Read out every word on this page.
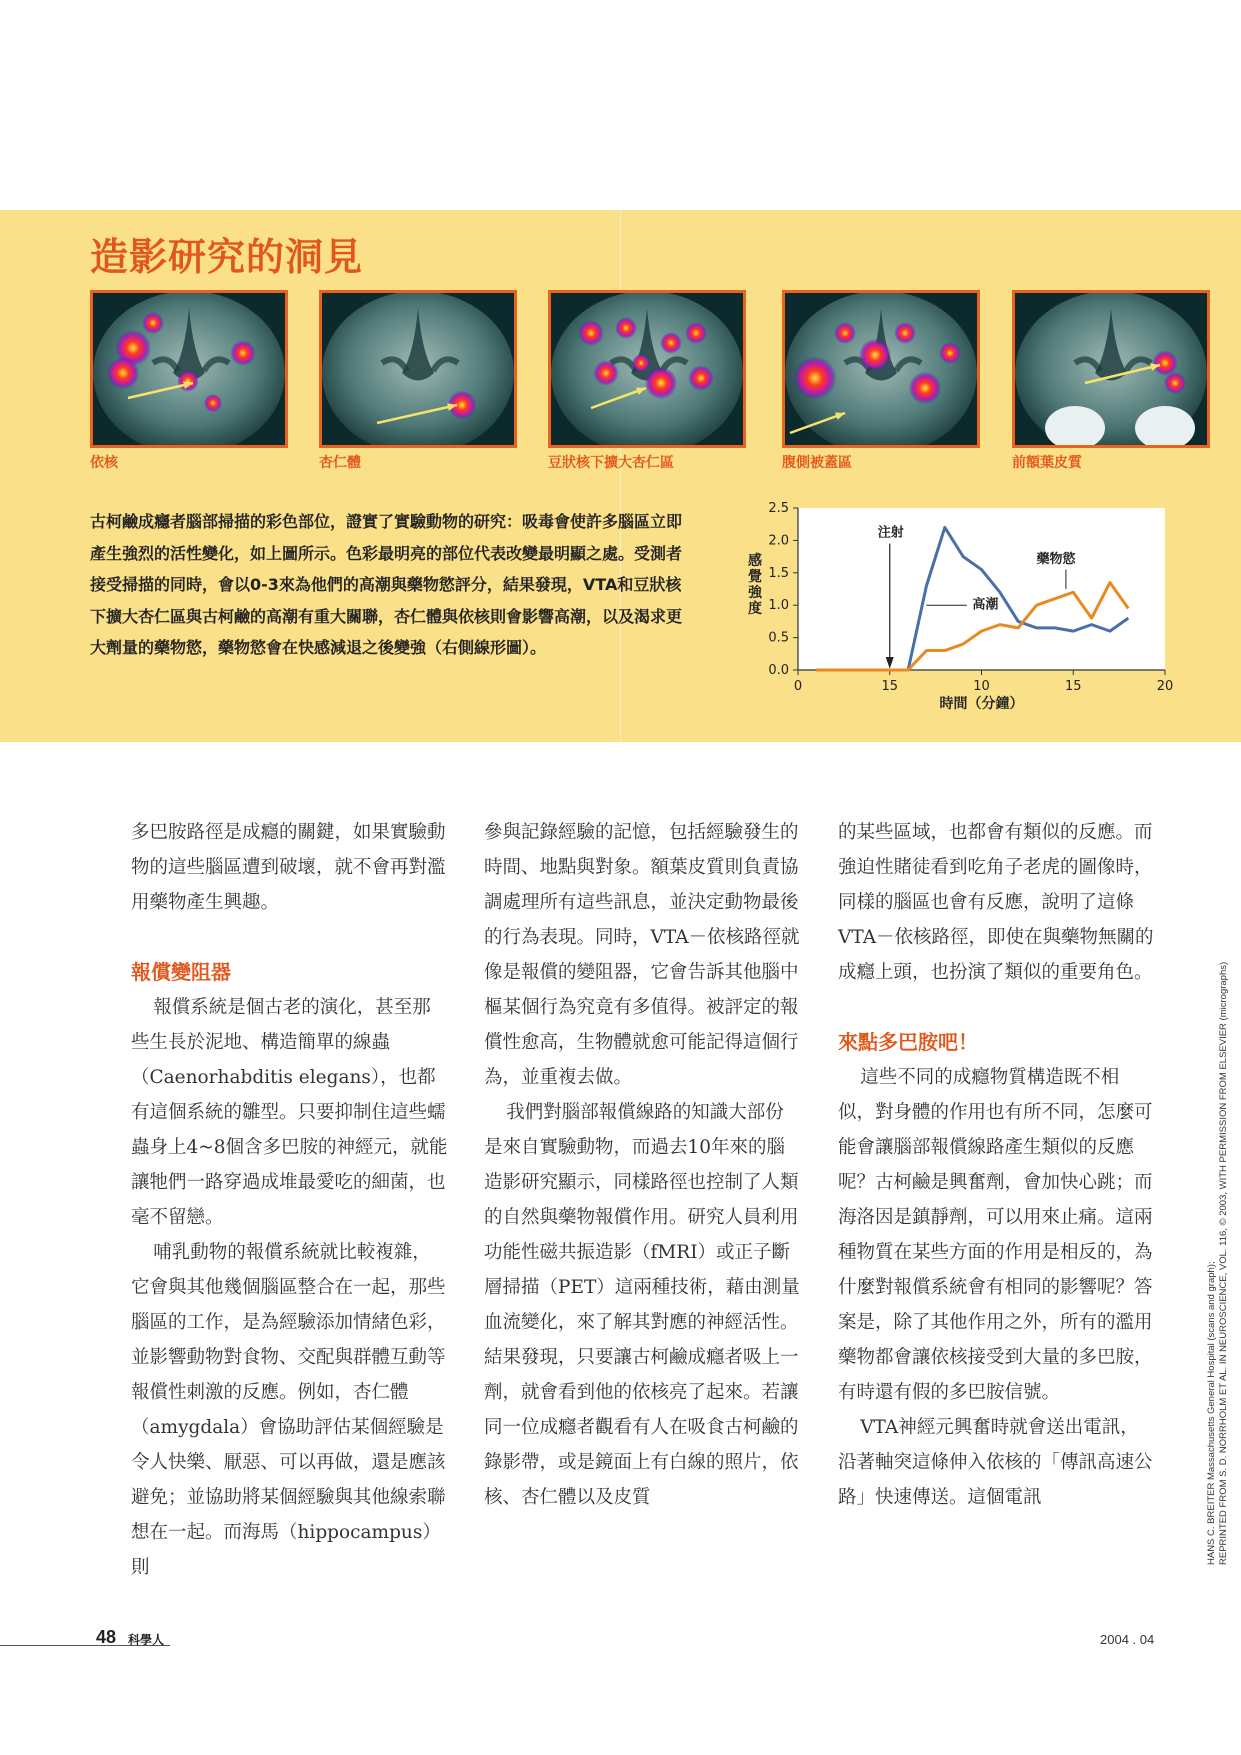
造影研究的洞見
依核	杏仁體	豆狀核下擴大杏仁區	腹側被蓋區	前額葉皮質
古柯鹼成癮者腦部掃描的彩色部位，證實了實驗動物的研究：吸毒會使許多腦區立即產生強烈的活性變化，如上圖所示。色彩最明亮的部位代表改變最明顯之處。受測者接受掃描的同時，會以0-3來為他們的高潮與藥物慾評分，結果發現，VTA和豆狀核下擴大杏仁區與古柯鹼的高潮有重大關聯，杏仁體與依核則會影響高潮，以及渴求更大劑量的藥物慾，藥物慾會在快感減退之後變強（右側線形圖）。
0.0
0.5
1.0
1.5
2.0
2.5
0	15	10	15	20
時間（分鐘）
感覺強度	高潮
藥物慾
注射

多巴胺路徑是成癮的關鍵，如果實驗動物的這些腦區遭到破壞，就不會再對濫用藥物產生興趣。

報償變阻器

報償系統是個古老的演化，甚至那些生長於泥地、構造簡單的線蟲（Caenorhabditis elegans），也都有這個系統的雛型。只要抑制住這些蠕蟲身上4~8個含多巴胺的神經元，就能讓牠們一路穿過成堆最愛吃的細菌，也毫不留戀。

哺乳動物的報償系統就比較複雜，它會與其他幾個腦區整合在一起，那些腦區的工作，是為經驗添加情緒色彩，並影響動物對食物、交配與群體互動等報償性刺激的反應。例如，杏仁體（amygdala）會協助評估某個經驗是令人快樂、厭惡、可以再做，還是應該避免；並協助將某個經驗與其他線索聯想在一起。而海馬（hippocampus）則

參與記錄經驗的記憶，包括經驗發生的時間、地點與對象。額葉皮質則負責協調處理所有這些訊息，並決定動物最後的行為表現。同時，VTA－依核路徑就像是報償的變阻器，它會告訴其他腦中樞某個行為究竟有多值得。被評定的報償性愈高，生物體就愈可能記得這個行為，並重複去做。

我們對腦部報償線路的知識大部份是來自實驗動物，而過去10年來的腦造影研究顯示，同樣路徑也控制了人類的自然與藥物報償作用。研究人員利用功能性磁共振造影（fMRI）或正子斷層掃描（PET）這兩種技術，藉由測量血流變化，來了解其對應的神經活性。結果發現，只要讓古柯鹼成癮者吸上一劑，就會看到他的依核亮了起來。若讓同一位成癮者觀看有人在吸食古柯鹼的錄影帶，或是鏡面上有白線的照片，依核、杏仁體以及皮質

的某些區域，也都會有類似的反應。而強迫性賭徒看到吃角子老虎的圖像時，同樣的腦區也會有反應，說明了這條VTA－依核路徑，即使在與藥物無關的成癮上頭，也扮演了類似的重要角色。

來點多巴胺吧！

這些不同的成癮物質構造既不相似，對身體的作用也有所不同，怎麼可能會讓腦部報償線路產生類似的反應呢？古柯鹼是興奮劑，會加快心跳；而海洛因是鎮靜劑，可以用來止痛。這兩種物質在某些方面的作用是相反的，為什麼對報償系統會有相同的影響呢？答案是，除了其他作用之外，所有的濫用藥物都會讓依核接受到大量的多巴胺，有時還有假的多巴胺信號。

VTA神經元興奮時就會送出電訊，沿著軸突這條伸入依核的「傳訊高速公路」快速傳送。這個電訊	HANS C. BREITER Massachusetts General Hospital (scans and graph); REPRINTED FROM S. D. NORRHOLM ET AL. IN NEUROSCIENCE, VOL. 116, © 2003, WITH PERMISSION FROM ELSEVIER (micrographs)
48 科學人	2004 . 04
